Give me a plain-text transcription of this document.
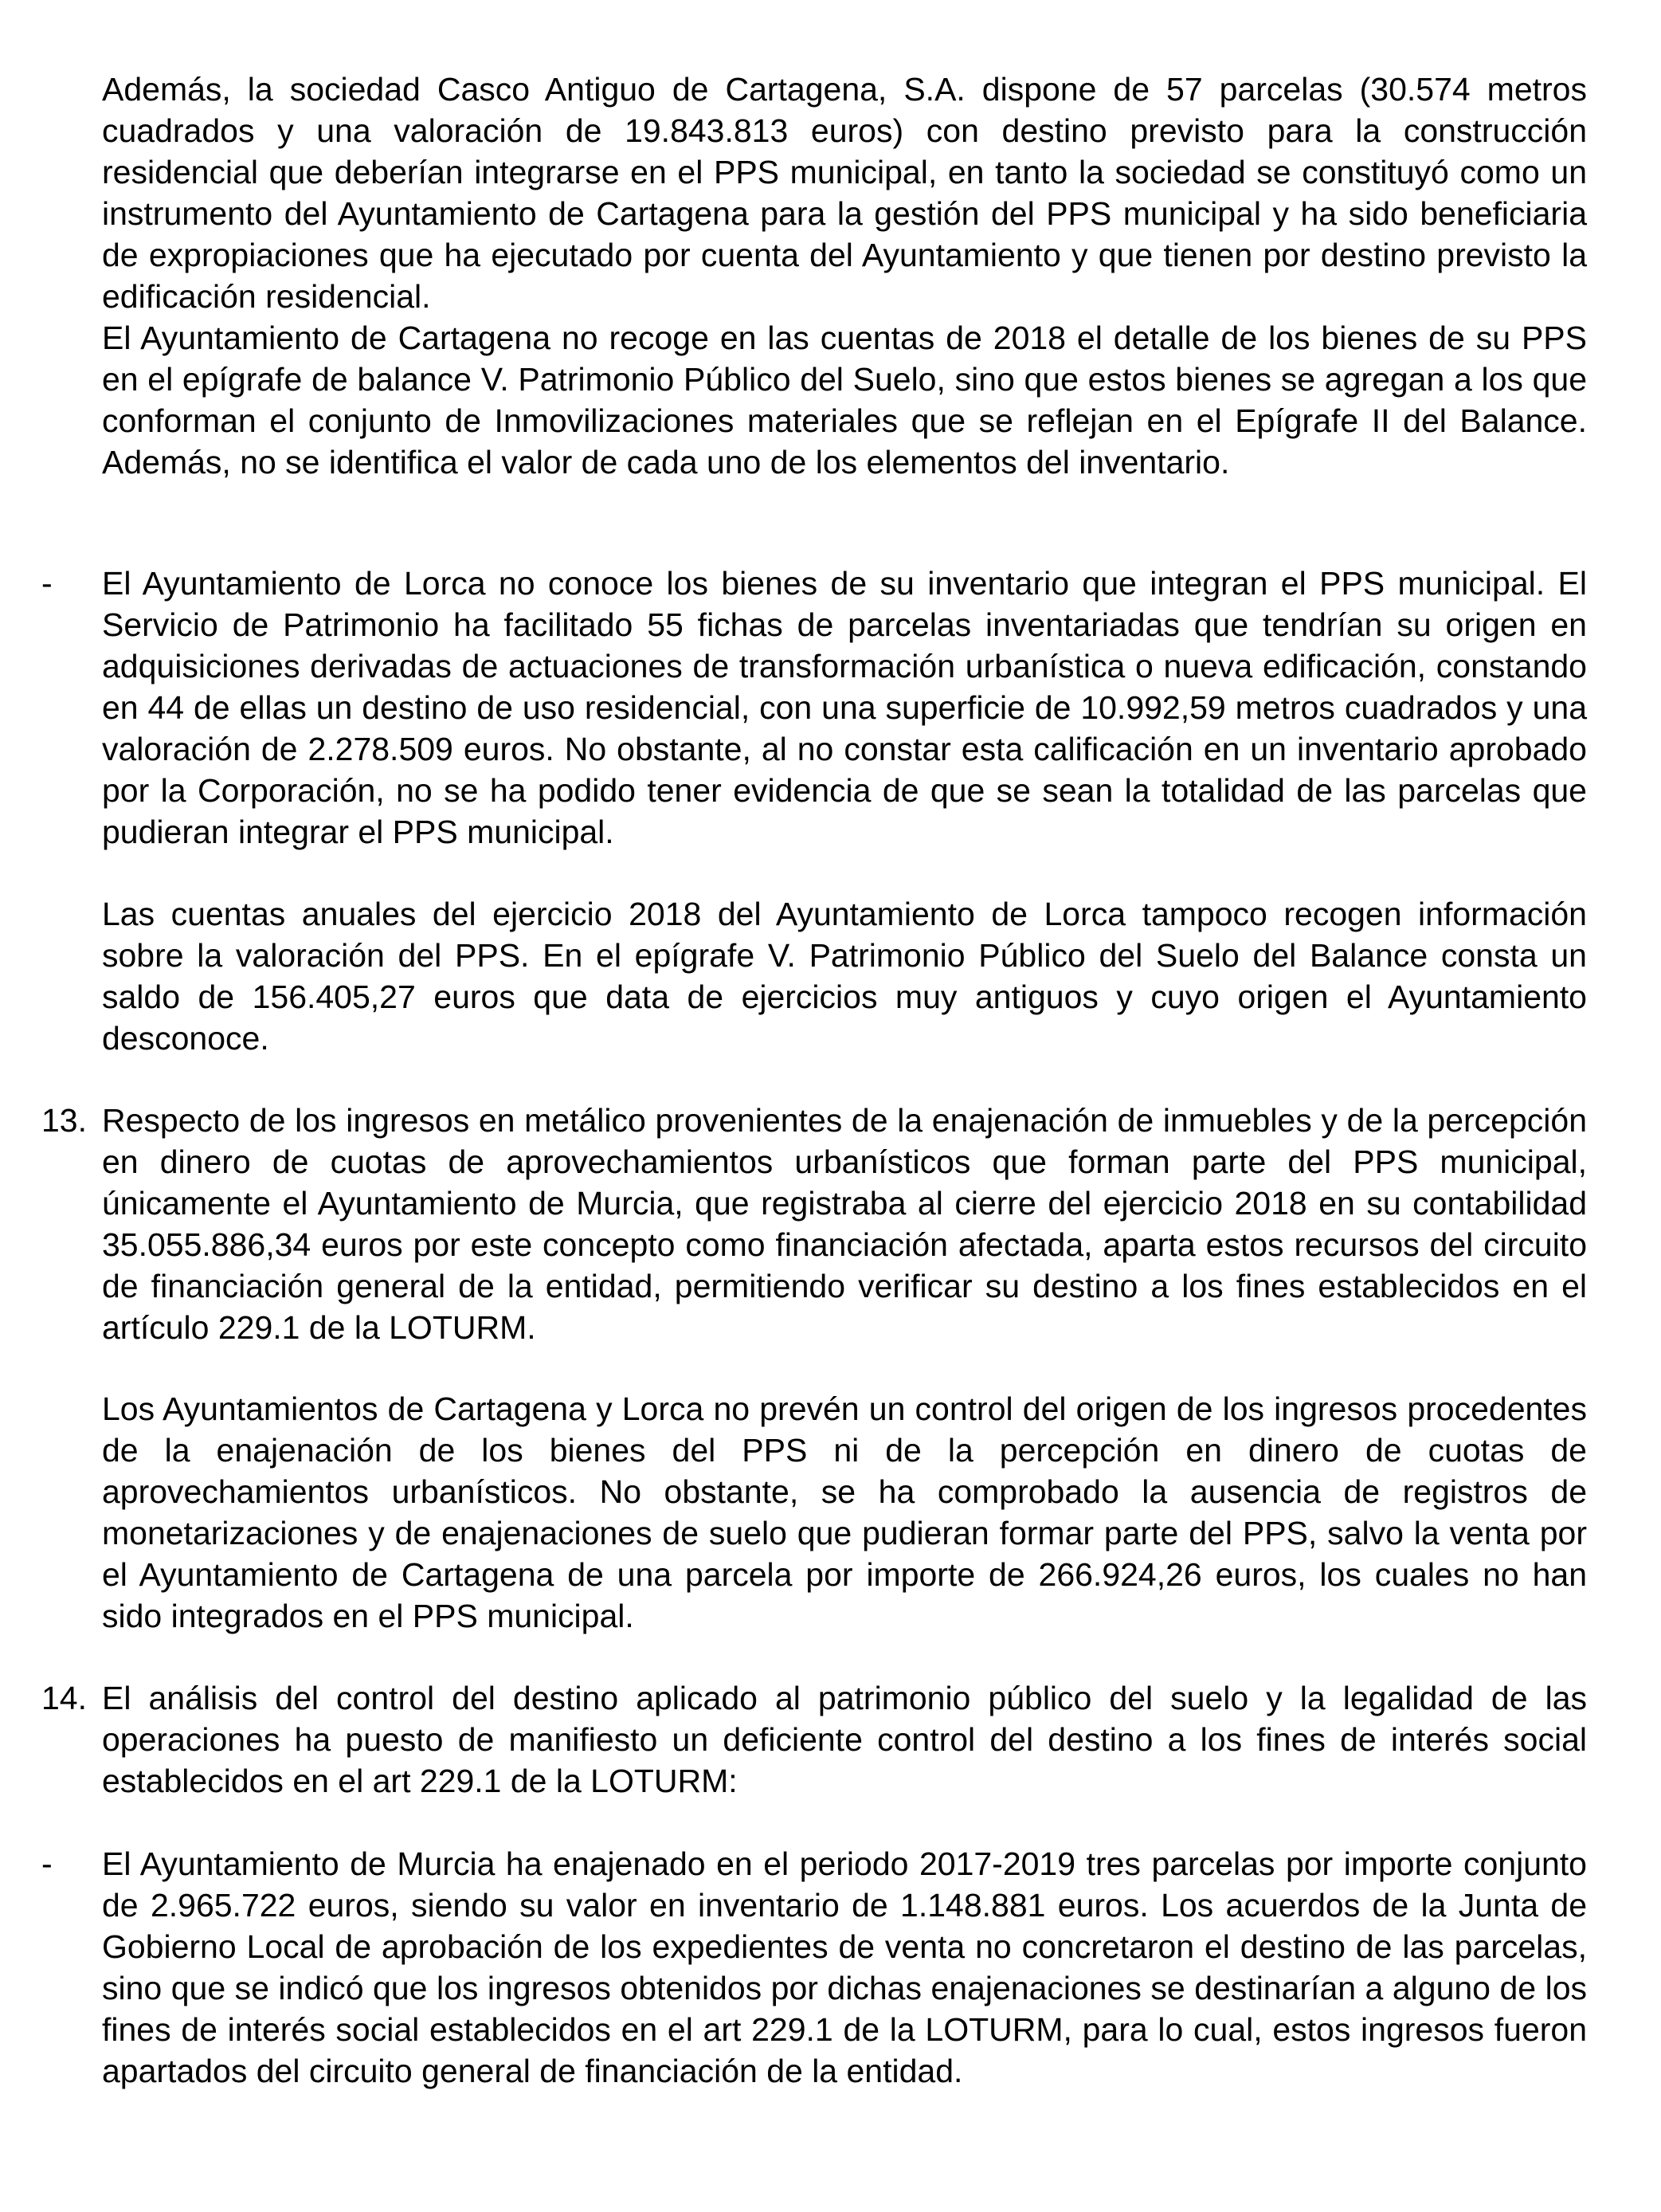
Además, la sociedad Casco Antiguo de Cartagena, S.A. dispone de 57 parcelas (30.574 metros cuadrados y una valoración de 19.843.813 euros) con destino previsto para la construcción residencial que deberían integrarse en el PPS municipal, en tanto la sociedad se constituyó como un instrumento del Ayuntamiento de Cartagena para la gestión del PPS municipal y ha sido beneficiaria de expropiaciones que ha ejecutado por cuenta del Ayuntamiento y que tienen por destino previsto la edificación residencial.

El Ayuntamiento de Cartagena no recoge en las cuentas de 2018 el detalle de los bienes de su PPS en el epígrafe de balance V. Patrimonio Público del Suelo, sino que estos bienes se agregan a los que conforman el conjunto de Inmovilizaciones materiales que se reflejan en el Epígrafe II del Balance. Además, no se identifica el valor de cada uno de los elementos del inventario.

-	El Ayuntamiento de Lorca no conoce los bienes de su inventario que integran el PPS municipal. El Servicio de Patrimonio ha facilitado 55 fichas de parcelas inventariadas que tendrían su origen en adquisiciones derivadas de actuaciones de transformación urbanística o nueva edificación, constando en 44 de ellas un destino de uso residencial, con una superficie de 10.992,59 metros cuadrados y una valoración de 2.278.509 euros. No obstante, al no constar esta calificación en un inventario aprobado por la Corporación, no se ha podido tener evidencia de que se sean la totalidad de las parcelas que pudieran integrar el PPS municipal.

Las cuentas anuales del ejercicio 2018 del Ayuntamiento de Lorca tampoco recogen información sobre la valoración del PPS. En el epígrafe V. Patrimonio Público del Suelo del Balance consta un saldo de 156.405,27 euros que data de ejercicios muy antiguos y cuyo origen el Ayuntamiento desconoce.

13. Respecto de los ingresos en metálico provenientes de la enajenación de inmuebles y de la percepción en dinero de cuotas de aprovechamientos urbanísticos que forman parte del PPS municipal, únicamente el Ayuntamiento de Murcia, que registraba al cierre del ejercicio 2018 en su contabilidad 35.055.886,34 euros por este concepto como financiación afectada, aparta estos recursos del circuito de financiación general de la entidad, permitiendo verificar su destino a los fines establecidos en el artículo 229.1 de la LOTURM.

Los Ayuntamientos de Cartagena y Lorca no prevén un control del origen de los ingresos procedentes de la enajenación de los bienes del PPS ni de la percepción en dinero de cuotas de aprovechamientos urbanísticos. No obstante, se ha comprobado la ausencia de registros de monetarizaciones y de enajenaciones de suelo que pudieran formar parte del PPS, salvo la venta por el Ayuntamiento de Cartagena de una parcela por importe de 266.924,26 euros, los cuales no han sido integrados en el PPS municipal.

14. El análisis del control del destino aplicado al patrimonio público del suelo y la legalidad de las operaciones ha puesto de manifiesto un deficiente control del destino a los fines de interés social establecidos en el art 229.1 de la LOTURM:

-	El Ayuntamiento de Murcia ha enajenado en el periodo 2017-2019 tres parcelas por importe conjunto de 2.965.722 euros, siendo su valor en inventario de 1.148.881 euros. Los acuerdos de la Junta de Gobierno Local de aprobación de los expedientes de venta no concretaron el destino de las parcelas, sino que se indicó que los ingresos obtenidos por dichas enajenaciones se destinarían a alguno de los fines de interés social establecidos en el art 229.1 de la LOTURM, para lo cual, estos ingresos fueron apartados del circuito general de financiación de la entidad.
